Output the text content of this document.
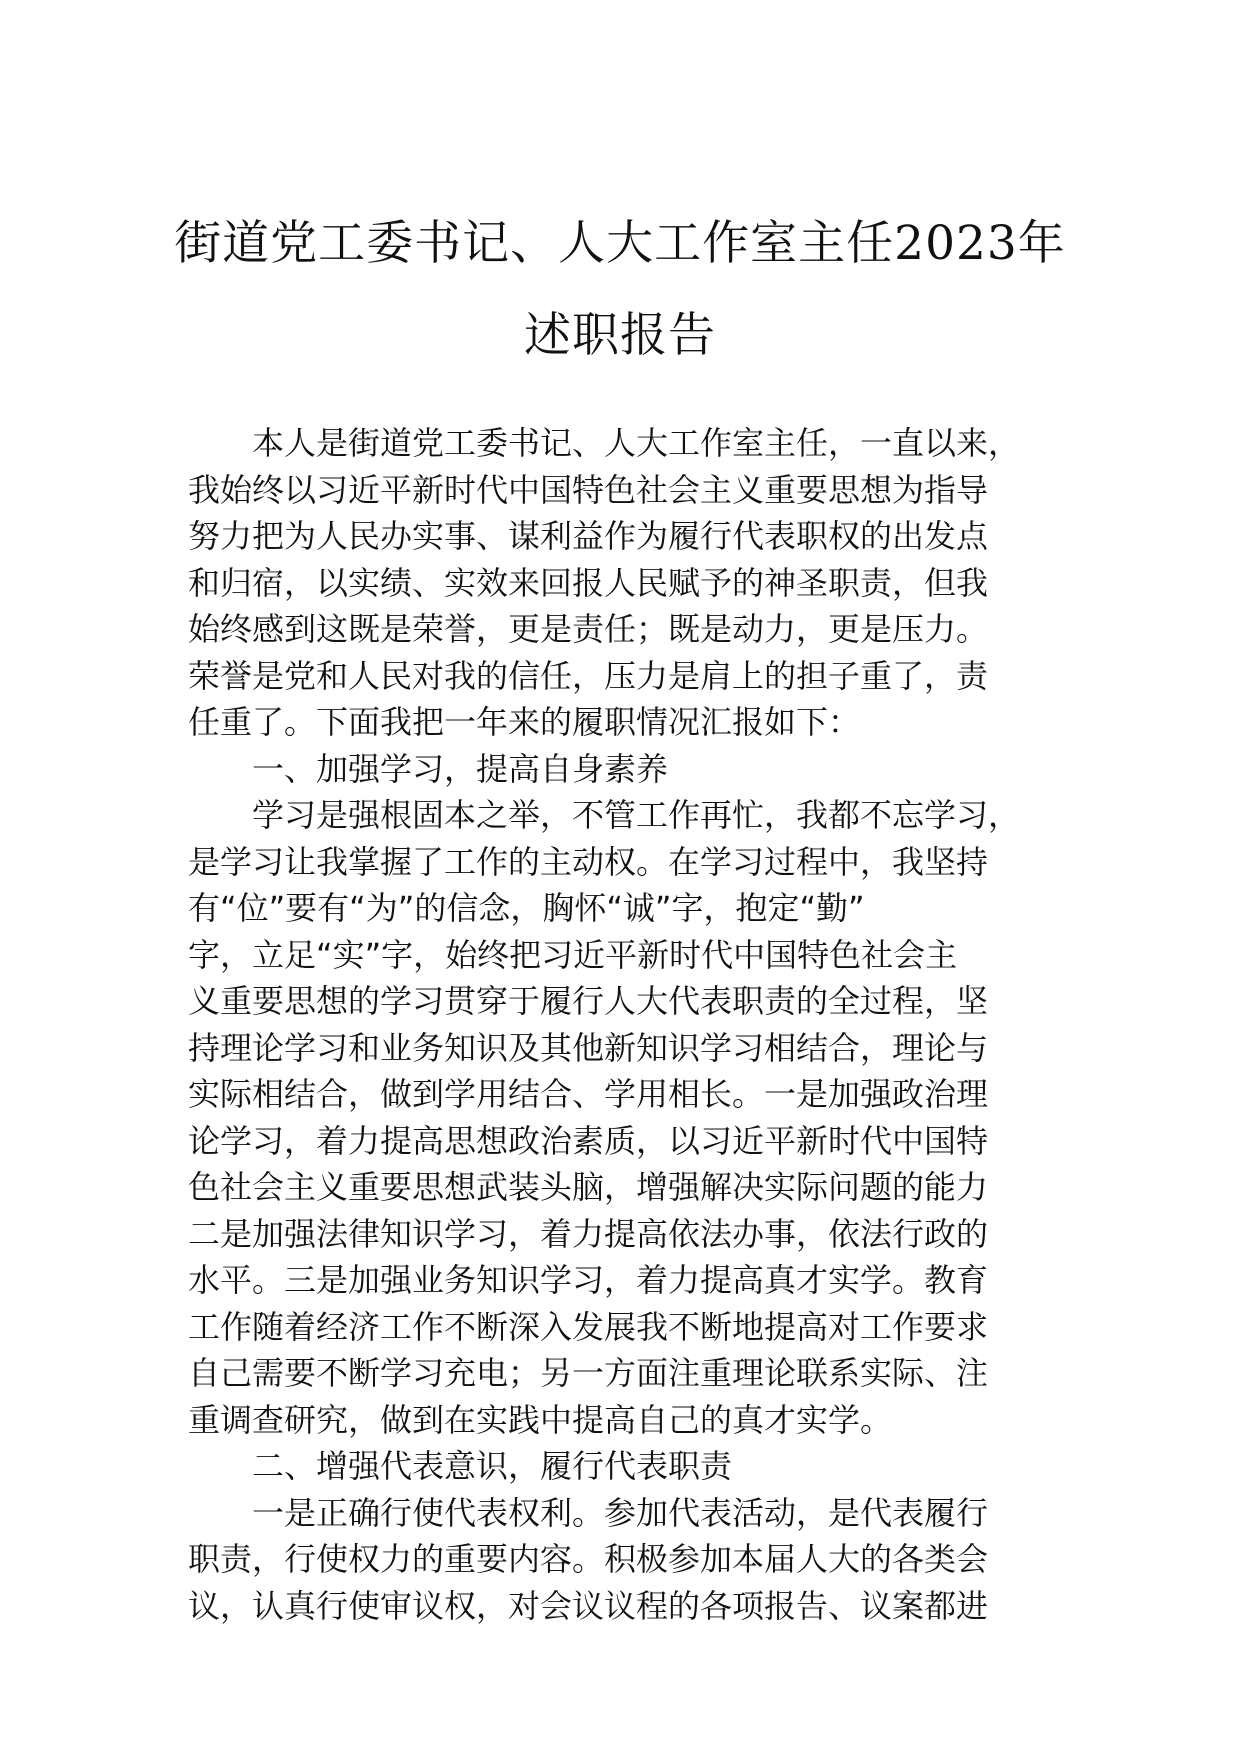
街道党工委书记、人大工作室主任2023年
述职报告
本人是街道党工委书记、人大工作室主任，一直以来，
我始终以习近平新时代中国特色社会主义重要思想为指导
努力把为人民办实事、谋利益作为履行代表职权的出发点
和归宿，以实绩、实效来回报人民赋予的神圣职责，但我
始终感到这既是荣誉，更是责任；既是动力，更是压力。
荣誉是党和人民对我的信任，压力是肩上的担子重了，责
任重了。下面我把一年来的履职情况汇报如下：
一、加强学习，提高自身素养
学习是强根固本之举，不管工作再忙，我都不忘学习，
是学习让我掌握了工作的主动权。在学习过程中，我坚持
有“位”要有“为”的信念，胸怀“诚”字，抱定“勤”
字，立足“实”字，始终把习近平新时代中国特色社会主
义重要思想的学习贯穿于履行人大代表职责的全过程，坚
持理论学习和业务知识及其他新知识学习相结合，理论与
实际相结合，做到学用结合、学用相长。一是加强政治理
论学习，着力提高思想政治素质，以习近平新时代中国特
色社会主义重要思想武装头脑，增强解决实际问题的能力
二是加强法律知识学习，着力提高依法办事，依法行政的
水平。三是加强业务知识学习，着力提高真才实学。教育
工作随着经济工作不断深入发展我不断地提高对工作要求
自己需要不断学习充电；另一方面注重理论联系实际、注
重调查研究，做到在实践中提高自己的真才实学。
二、增强代表意识，履行代表职责
一是正确行使代表权利。参加代表活动，是代表履行
职责，行使权力的重要内容。积极参加本届人大的各类会
议，认真行使审议权，对会议议程的各项报告、议案都进
